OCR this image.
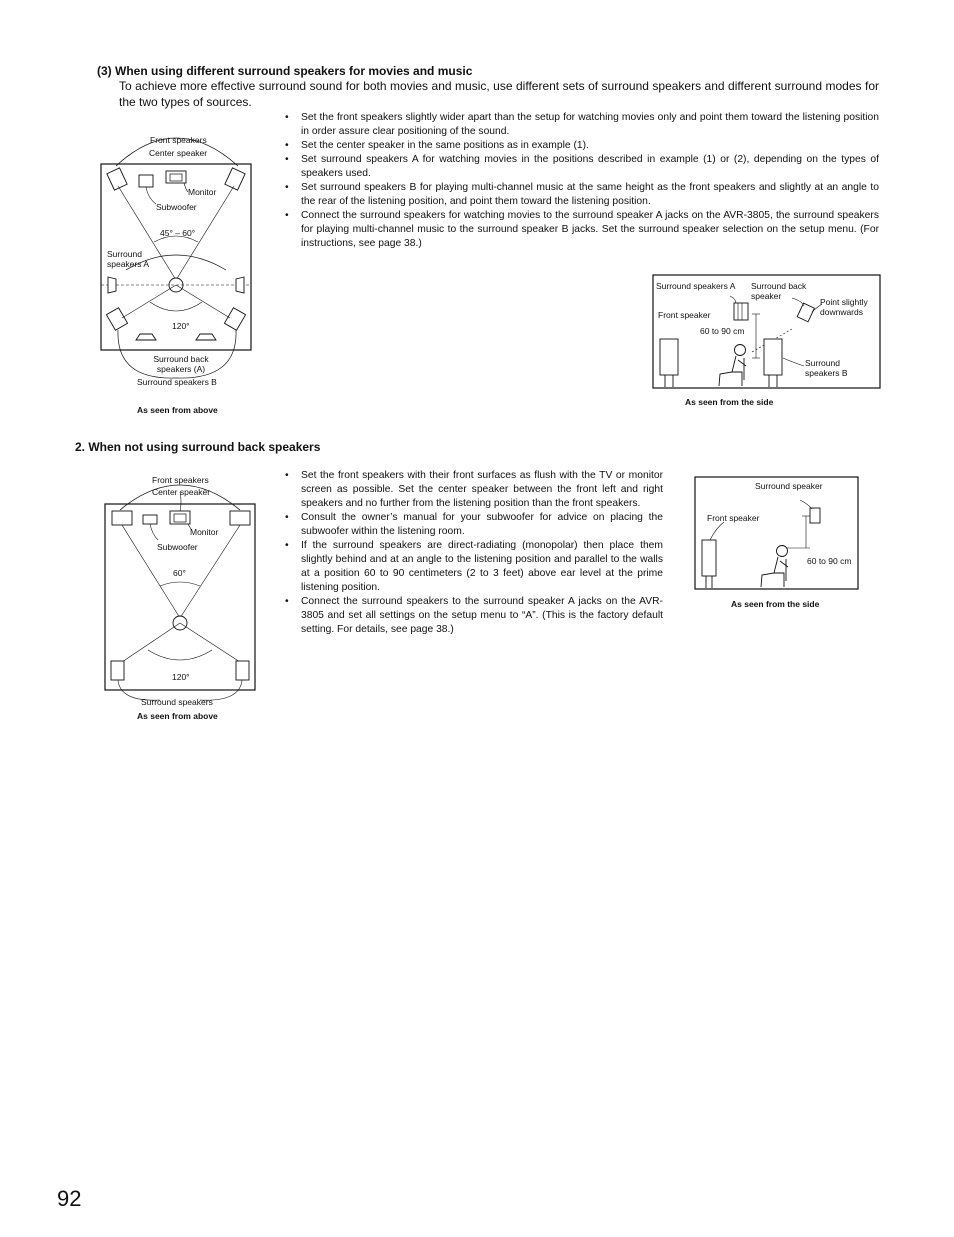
(3) When using different surround speakers for movies and music
To achieve more effective surround sound for both movies and music, use different sets of surround speakers and different surround modes for the two types of sources.
• Set the front speakers slightly wider apart than the setup for watching movies only and point them toward the listening position in order assure clear positioning of the sound.
• Set the center speaker in the same positions as in example (1).
• Set surround speakers A for watching movies in the positions described in example (1) or (2), depending on the types of speakers used.
• Set surround speakers B for playing multi-channel music at the same height as the front speakers and slightly at an angle to the rear of the listening position, and point them toward the listening position.
• Connect the surround speakers for watching movies to the surround speaker A jacks on the AVR-3805, the surround speakers for playing multi-channel music to the surround speaker B jacks. Set the surround speaker selection on the setup menu. (For instructions, see page 38.)
Front speakers
Center speaker
Monitor
Subwoofer
45° – 60°
Surround speakers A
120°
Surround back speakers (A)
Surround speakers B
As seen from above
Surround speakers A Surround back speaker
Point slightly downwards
Front speaker
60 to 90 cm
Surround speakers B
As seen from the side
2. When not using surround back speakers
• Set the front speakers with their front surfaces as flush with the TV or monitor screen as possible. Set the center speaker between the front left and right speakers and no further from the listening position than the front speakers.
• Consult the owner’s manual for your subwoofer for advice on placing the subwoofer within the listening room.
• If the surround speakers are direct-radiating (monopolar) then place them slightly behind and at an angle to the listening position and parallel to the walls at a position 60 to 90 centimeters (2 to 3 feet) above ear level at the prime listening position.
• Connect the surround speakers to the surround speaker A jacks on the AVR-3805 and set all settings on the setup menu to “A”. (This is the factory default setting. For details, see page 38.)
Front speakers
Center speaker
Monitor
Subwoofer
60°
120°
Surround speakers
As seen from above
Surround speaker
Front speaker
60 to 90 cm
As seen from the side
92
